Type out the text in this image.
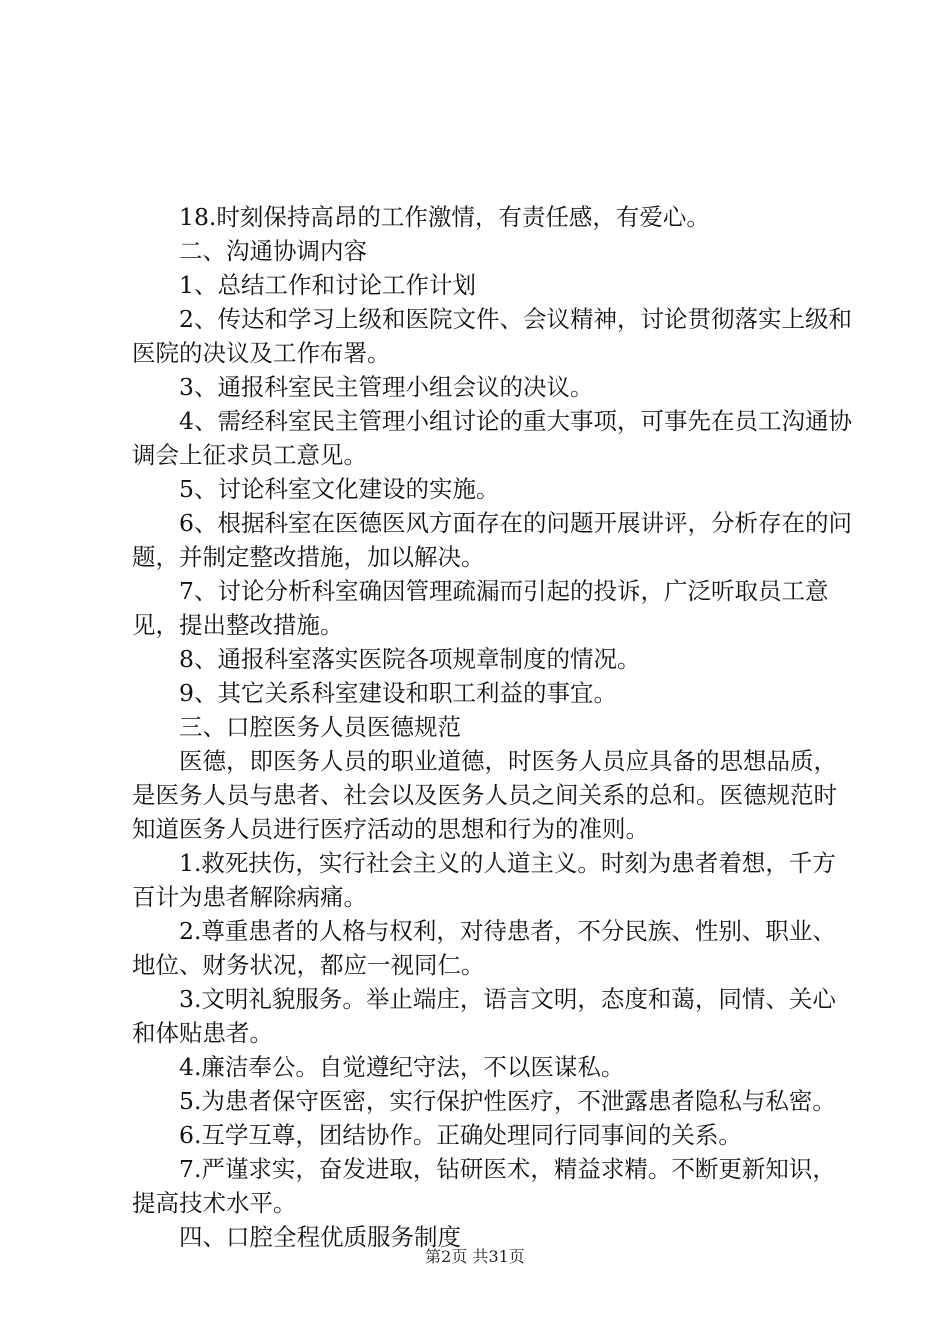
18.时刻保持高昂的工作激情，有责任感，有爱心。

二、沟通协调内容

1、总结工作和讨论工作计划

2、传达和学习上级和医院文件、会议精神，讨论贯彻落实上级和医院的决议及工作布署。

3、通报科室民主管理小组会议的决议。

4、需经科室民主管理小组讨论的重大事项，可事先在员工沟通协调会上征求员工意见。

5、讨论科室文化建设的实施。

6、根据科室在医德医风方面存在的问题开展讲评，分析存在的问题，并制定整改措施，加以解决。

7、讨论分析科室确因管理疏漏而引起的投诉，广泛听取员工意见，提出整改措施。

8、通报科室落实医院各项规章制度的情况。

9、其它关系科室建设和职工利益的事宜。

三、口腔医务人员医德规范

医德，即医务人员的职业道德，时医务人员应具备的思想品质，是医务人员与患者、社会以及医务人员之间关系的总和。医德规范时知道医务人员进行医疗活动的思想和行为的准则。

1.救死扶伤，实行社会主义的人道主义。时刻为患者着想，千方百计为患者解除病痛。

2.尊重患者的人格与权利，对待患者，不分民族、性别、职业、地位、财务状况，都应一视同仁。

3.文明礼貌服务。举止端庄，语言文明，态度和蔼，同情、关心和体贴患者。

4.廉洁奉公。自觉遵纪守法，不以医谋私。

5.为患者保守医密，实行保护性医疗，不泄露患者隐私与私密。

6.互学互尊，团结协作。正确处理同行同事间的关系。

7.严谨求实，奋发进取，钻研医术，精益求精。不断更新知识，提高技术水平。

四、口腔全程优质服务制度

第2页 共31页
